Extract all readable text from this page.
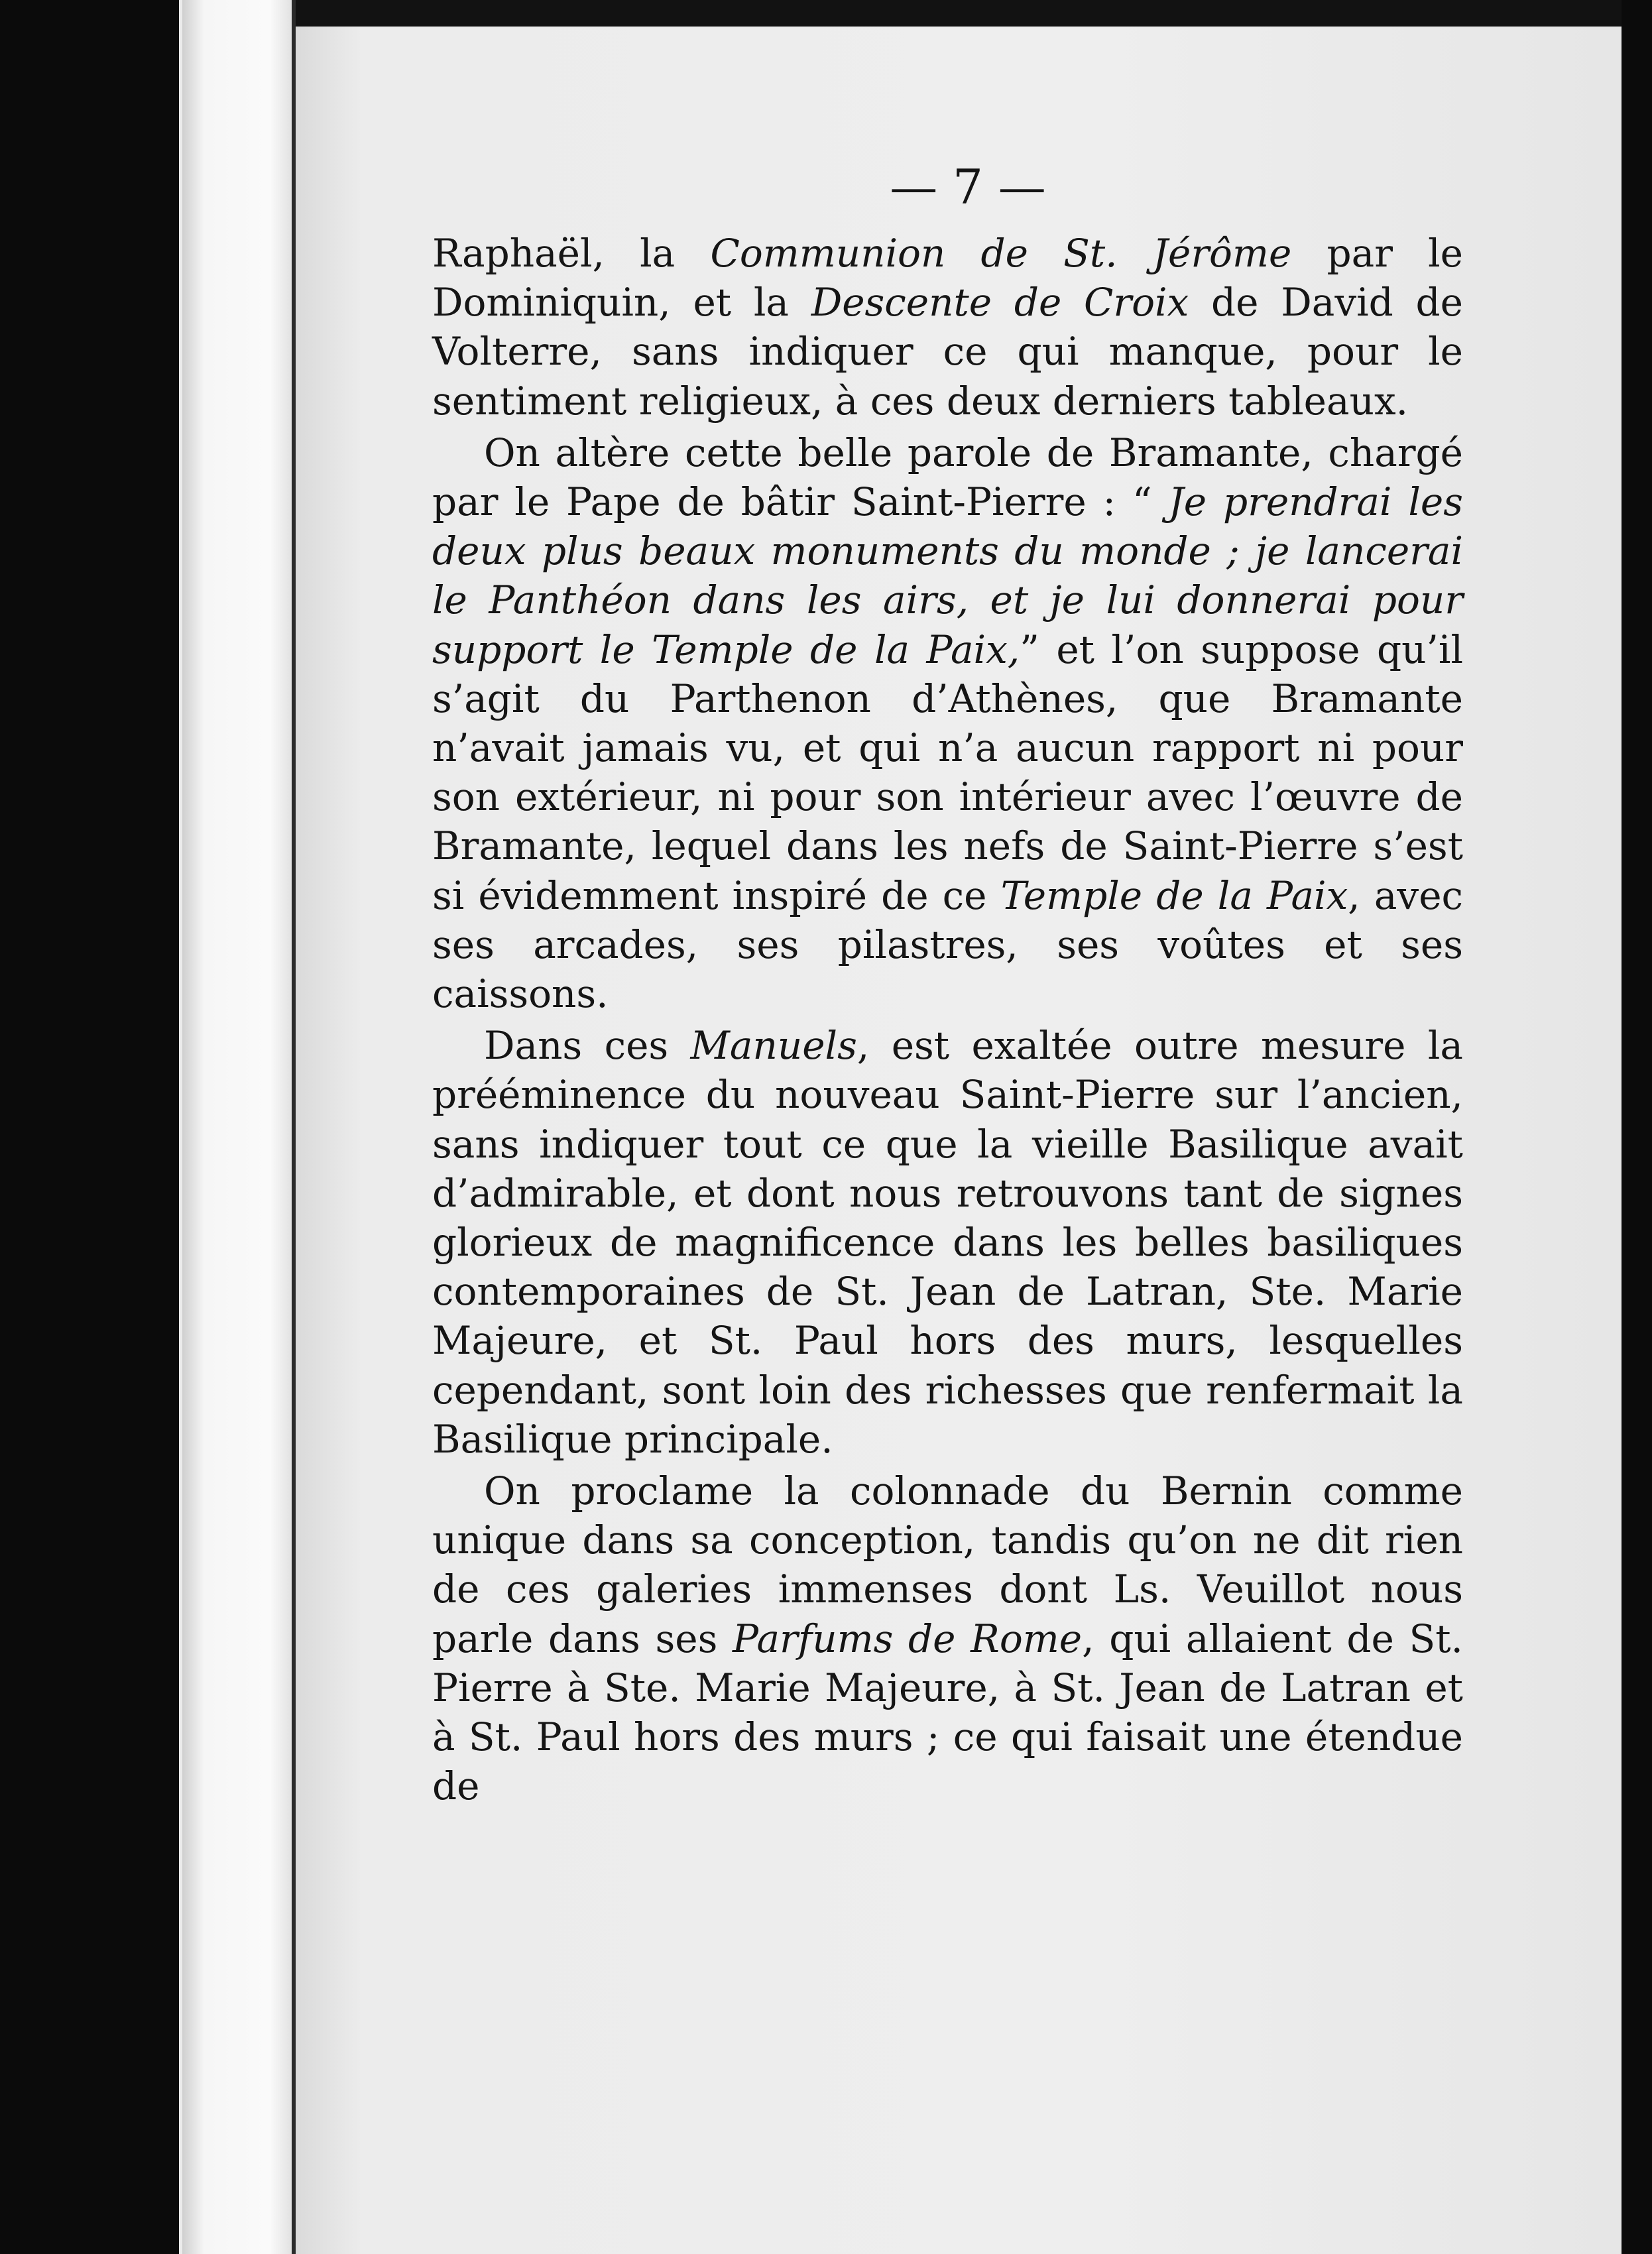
— 7 —

Raphaël, la Communion de St. Jérôme par le Dominiquin, et la Descente de Croix de David de Volterre, sans indiquer ce qui manque, pour le sentiment religieux, à ces deux derniers tableaux.

On altère cette belle parole de Bramante, chargé par le Pape de bâtir Saint-Pierre : “ Je prendrai les deux plus beaux monuments du monde ; je lancerai le Panthéon dans les airs, et je lui donnerai pour support le Temple de la Paix,” et l’on suppose qu’il s’agit du Parthenon d’Athènes, que Bramante n’avait jamais vu, et qui n’a aucun rapport ni pour son extérieur, ni pour son intérieur avec l’œuvre de Bramante, lequel dans les nefs de Saint-Pierre s’est si évidemment inspiré de ce Temple de la Paix, avec ses arcades, ses pilastres, ses voûtes et ses caissons.

Dans ces Manuels, est exaltée outre mesure la prééminence du nouveau Saint-Pierre sur l’ancien, sans indiquer tout ce que la vieille Basilique avait d’admirable, et dont nous retrouvons tant de signes glorieux de magnificence dans les belles basiliques contemporaines de St. Jean de Latran, Ste. Marie Majeure, et St. Paul hors des murs, lesquelles cependant, sont loin des richesses que renfermait la Basilique principale.

On proclame la colonnade du Bernin comme unique dans sa conception, tandis qu’on ne dit rien de ces galeries immenses dont Ls. Veuillot nous parle dans ses Parfums de Rome, qui allaient de St. Pierre à Ste. Marie Majeure, à St. Jean de Latran et à St. Paul hors des murs ; ce qui faisait une étendue de
